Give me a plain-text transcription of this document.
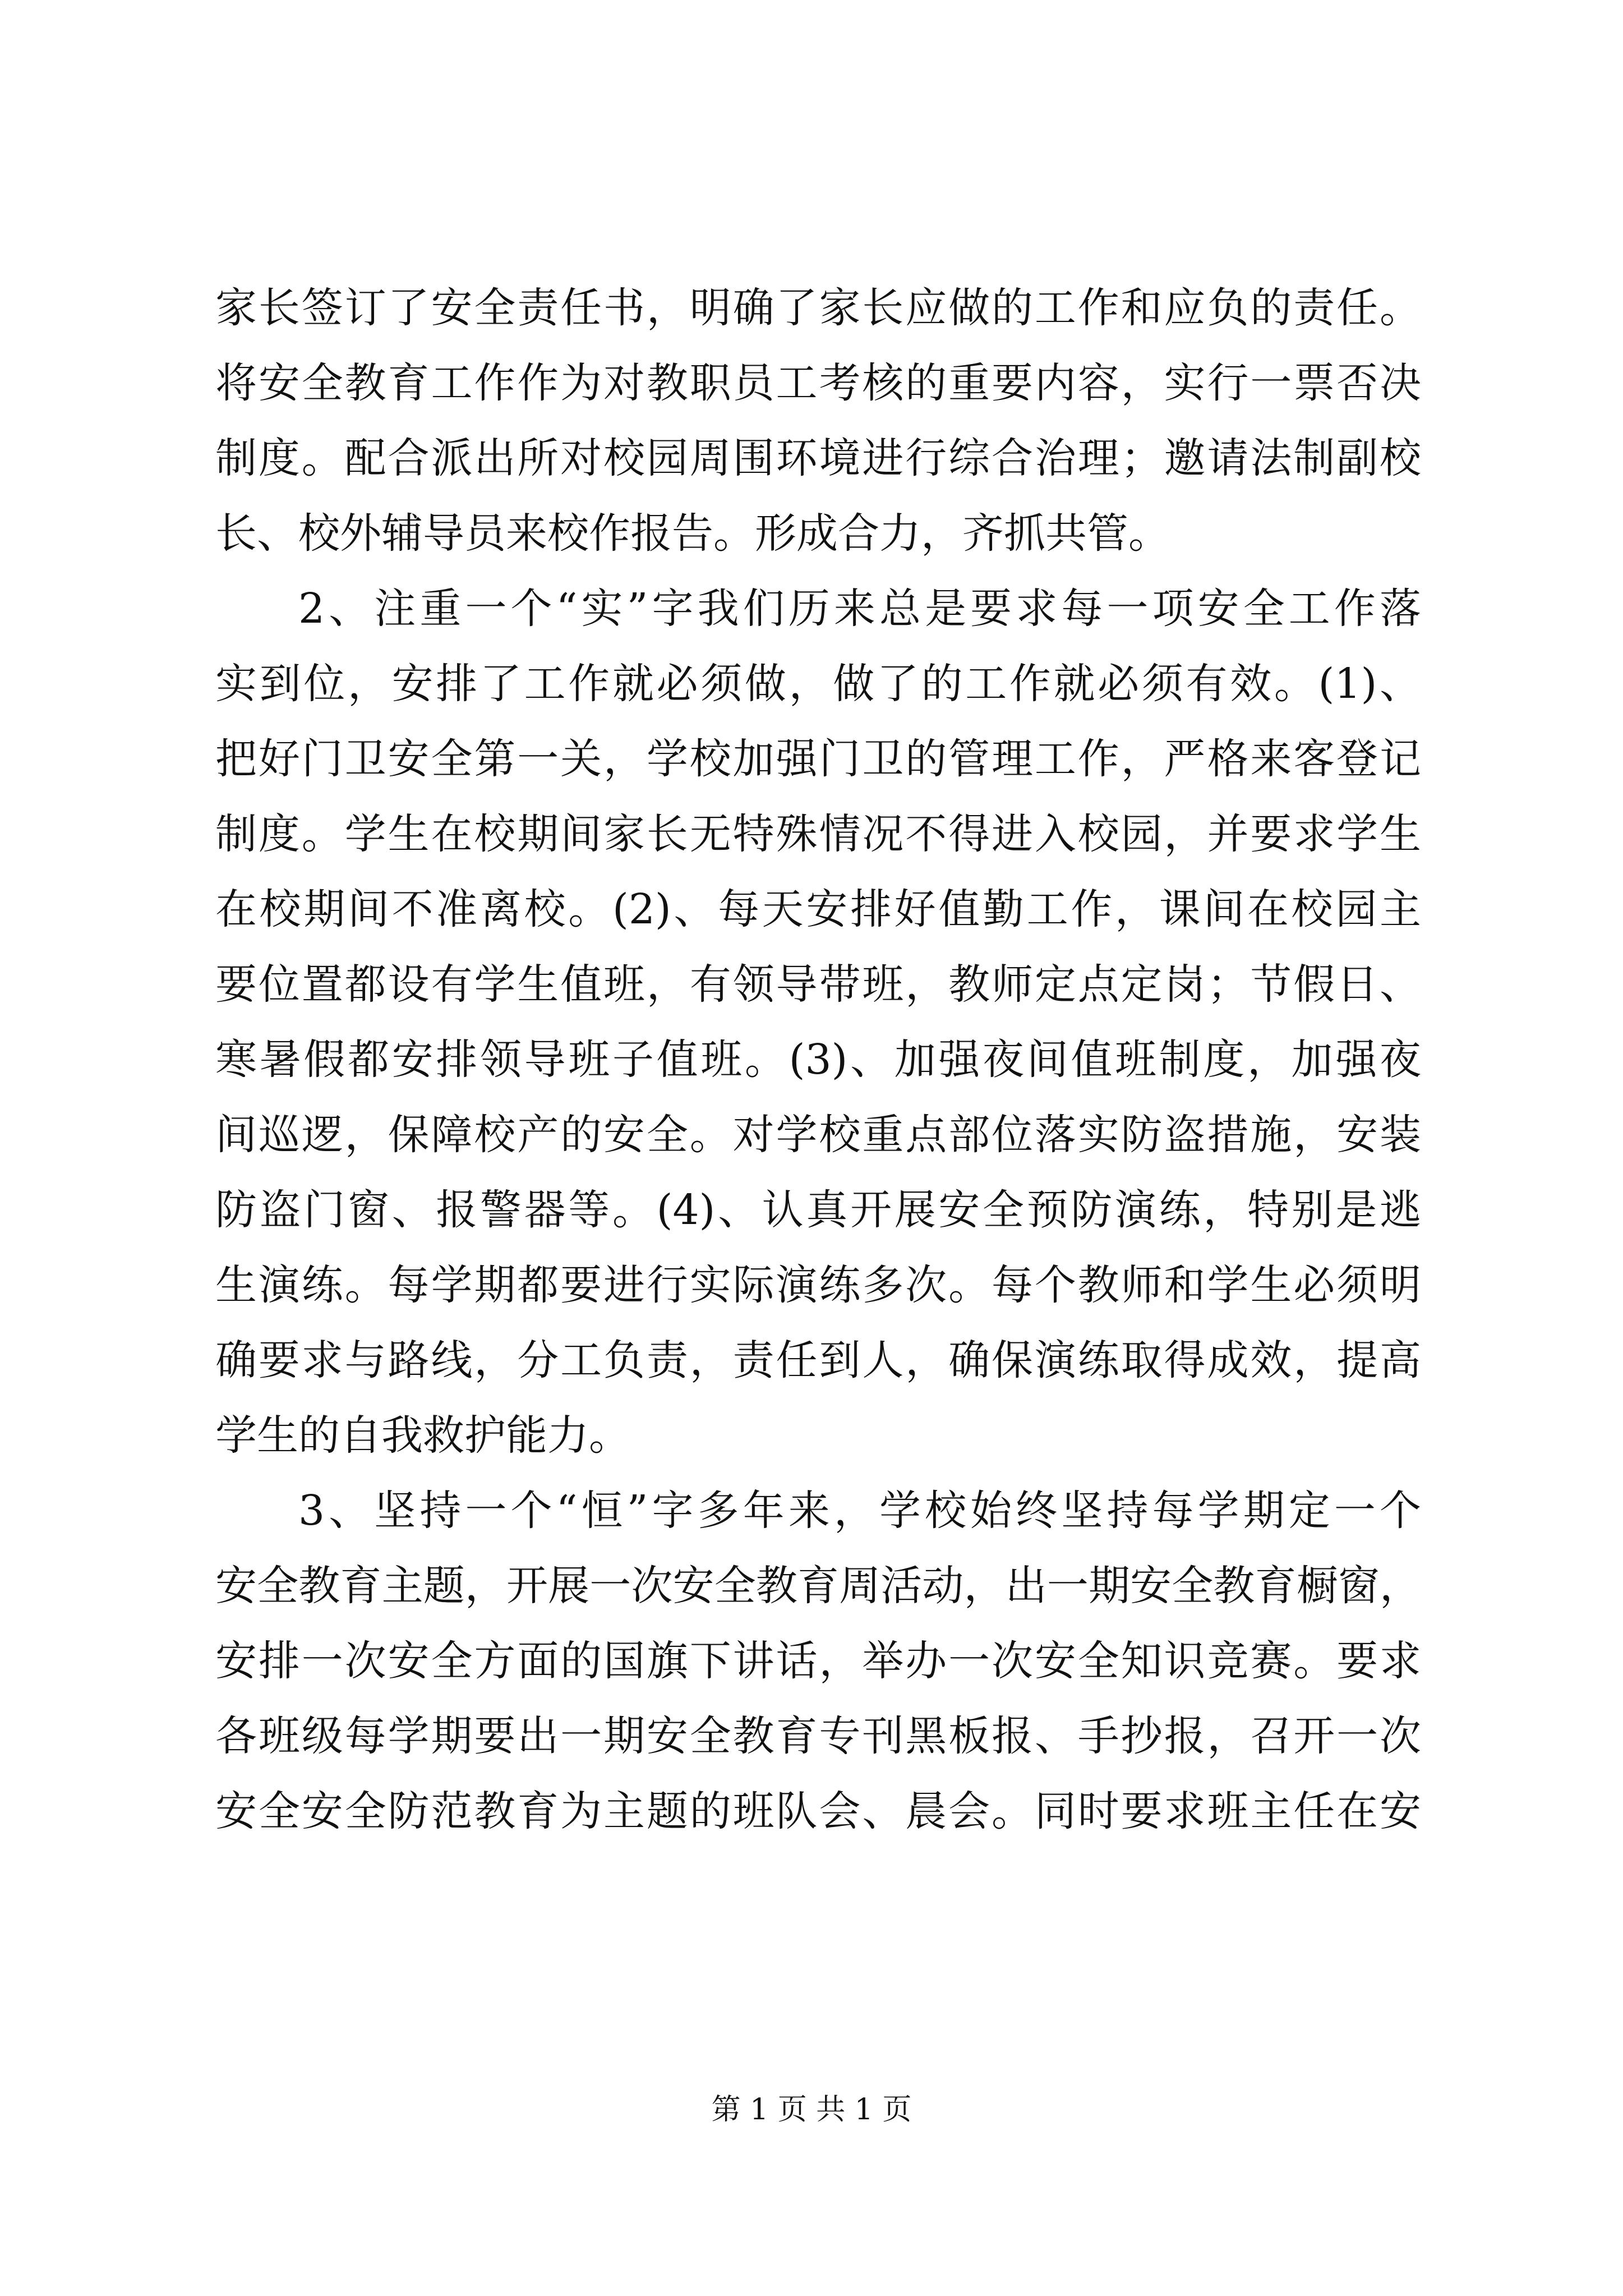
家长签订了安全责任书，明确了家长应做的工作和应负的责任。
将安全教育工作作为对教职员工考核的重要内容，实行一票否决
制度。配合派出所对校园周围环境进行综合治理；邀请法制副校
长、校外辅导员来校作报告。形成合力，齐抓共管。
2、注重一个“实”字我们历来总是要求每一项安全工作落
实到位，安排了工作就必须做，做了的工作就必须有效。(1)、
把好门卫安全第一关，学校加强门卫的管理工作，严格来客登记
制度。学生在校期间家长无特殊情况不得进入校园，并要求学生
在校期间不准离校。(2)、每天安排好值勤工作，课间在校园主
要位置都设有学生值班，有领导带班，教师定点定岗；节假日、
寒暑假都安排领导班子值班。(3)、加强夜间值班制度，加强夜
间巡逻，保障校产的安全。对学校重点部位落实防盗措施，安装
防盗门窗、报警器等。(4)、认真开展安全预防演练，特别是逃
生演练。每学期都要进行实际演练多次。每个教师和学生必须明
确要求与路线，分工负责，责任到人，确保演练取得成效，提高
学生的自我救护能力。
3、坚持一个“恒”字多年来，学校始终坚持每学期定一个
安全教育主题，开展一次安全教育周活动，出一期安全教育橱窗，
安排一次安全方面的国旗下讲话，举办一次安全知识竞赛。要求
各班级每学期要出一期安全教育专刊黑板报、手抄报，召开一次
安全安全防范教育为主题的班队会、晨会。同时要求班主任在安
第 1 页 共 1 页
